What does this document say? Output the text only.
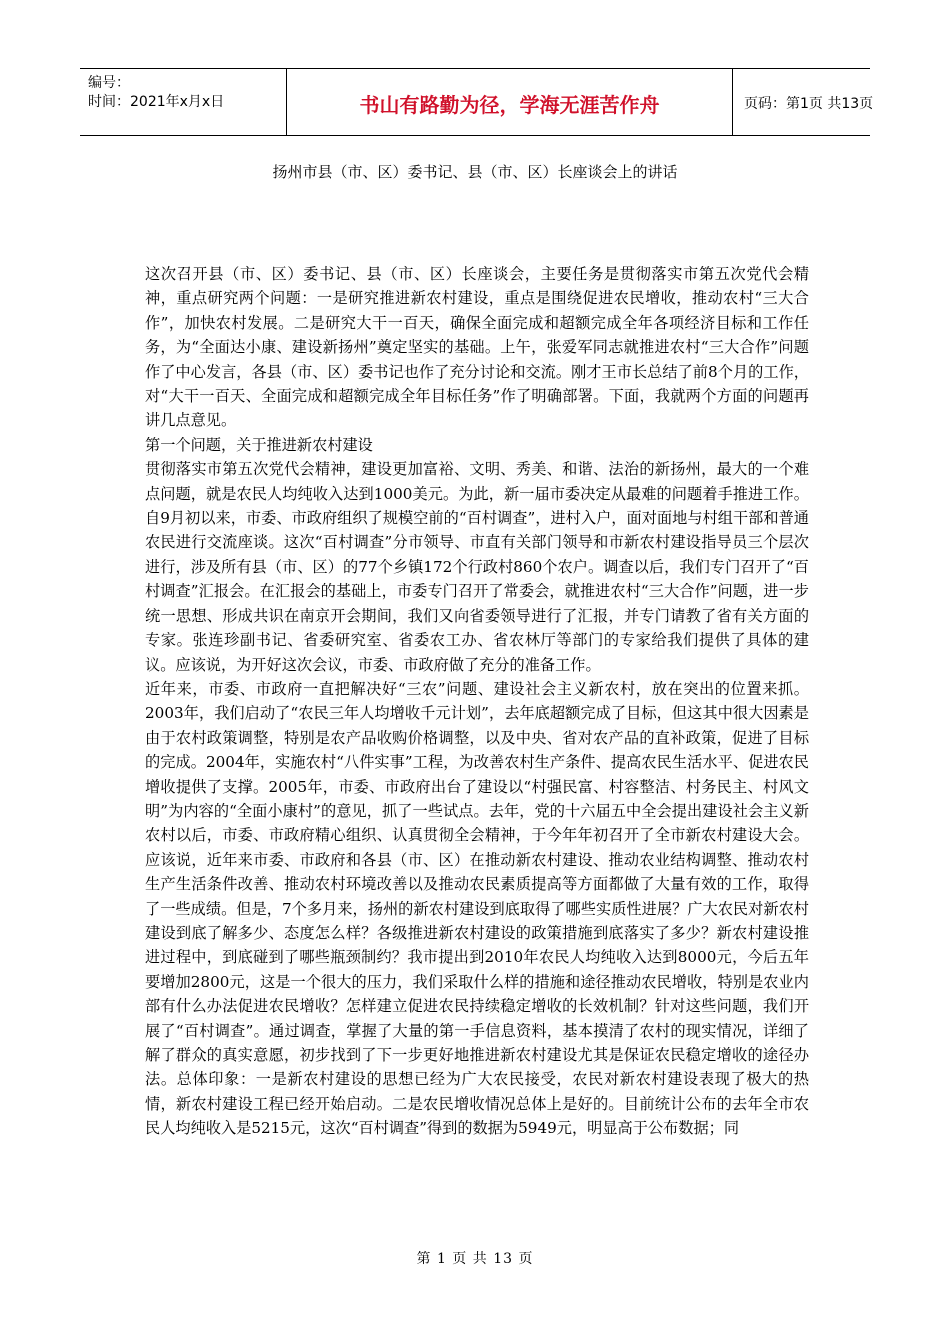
编号：
时间：2021年x月x日	书山有路勤为径，学海无涯苦作舟	页码：第1页 共13页
扬州市县（市、区）委书记、县（市、区）长座谈会上的讲话

这次召开县（市、区）委书记、县（市、区）长座谈会，主要任务是贯彻落实市第五次党代会精神，重点研究两个问题：一是研究推进新农村建设，重点是围绕促进农民增收，推动农村“三大合作”，加快农村发展。二是研究大干一百天，确保全面完成和超额完成全年各项经济目标和工作任务，为“全面达小康、建设新扬州”奠定坚实的基础。上午，张爱军同志就推进农村“三大合作”问题作了中心发言，各县（市、区）委书记也作了充分讨论和交流。刚才王市长总结了前8个月的工作，对“大干一百天、全面完成和超额完成全年目标任务”作了明确部署。下面，我就两个方面的问题再讲几点意见。

第一个问题，关于推进新农村建设

贯彻落实市第五次党代会精神，建设更加富裕、文明、秀美、和谐、法治的新扬州，最大的一个难点问题，就是农民人均纯收入达到1000美元。为此，新一届市委决定从最难的问题着手推进工作。自9月初以来，市委、市政府组织了规模空前的“百村调查”，进村入户，面对面地与村组干部和普通农民进行交流座谈。这次“百村调查”分市领导、市直有关部门领导和市新农村建设指导员三个层次进行，涉及所有县（市、区）的77个乡镇172个行政村860个农户。调查以后，我们专门召开了“百村调查”汇报会。在汇报会的基础上，市委专门召开了常委会，就推进农村“三大合作”问题，进一步统一思想、形成共识在南京开会期间，我们又向省委领导进行了汇报，并专门请教了省有关方面的专家。张连珍副书记、省委研究室、省委农工办、省农林厅等部门的专家给我们提供了具体的建议。应该说，为开好这次会议，市委、市政府做了充分的准备工作。

近年来，市委、市政府一直把解决好“三农”问题、建设社会主义新农村，放在突出的位置来抓。2003年，我们启动了“农民三年人均增收千元计划”，去年底超额完成了目标，但这其中很大因素是由于农村政策调整，特别是农产品收购价格调整，以及中央、省对农产品的直补政策，促进了目标的完成。2004年，实施农村“八件实事”工程，为改善农村生产条件、提高农民生活水平、促进农民增收提供了支撑。2005年，市委、市政府出台了建设以“村强民富、村容整洁、村务民主、村风文明”为内容的“全面小康村”的意见，抓了一些试点。去年，党的十六届五中全会提出建设社会主义新农村以后，市委、市政府精心组织、认真贯彻全会精神，于今年年初召开了全市新农村建设大会。应该说，近年来市委、市政府和各县（市、区）在推动新农村建设、推动农业结构调整、推动农村生产生活条件改善、推动农村环境改善以及推动农民素质提高等方面都做了大量有效的工作，取得了一些成绩。但是，7个多月来，扬州的新农村建设到底取得了哪些实质性进展？广大农民对新农村建设到底了解多少、态度怎么样？各级推进新农村建设的政策措施到底落实了多少？新农村建设推进过程中，到底碰到了哪些瓶颈制约？我市提出到2010年农民人均纯收入达到8000元，今后五年要增加2800元，这是一个很大的压力，我们采取什么样的措施和途径推动农民增收，特别是农业内部有什么办法促进农民增收？怎样建立促进农民持续稳定增收的长效机制？针对这些问题，我们开展了“百村调查”。通过调查，掌握了大量的第一手信息资料，基本摸清了农村的现实情况，详细了解了群众的真实意愿，初步找到了下一步更好地推进新农村建设尤其是保证农民稳定增收的途径办法。总体印象：一是新农村建设的思想已经为广大农民接受，农民对新农村建设表现了极大的热情，新农村建设工程已经开始启动。二是农民增收情况总体上是好的。目前统计公布的去年全市农民人均纯收入是5215元，这次“百村调查”得到的数据为5949元，明显高于公布数据；同

第 1 页 共 13 页
